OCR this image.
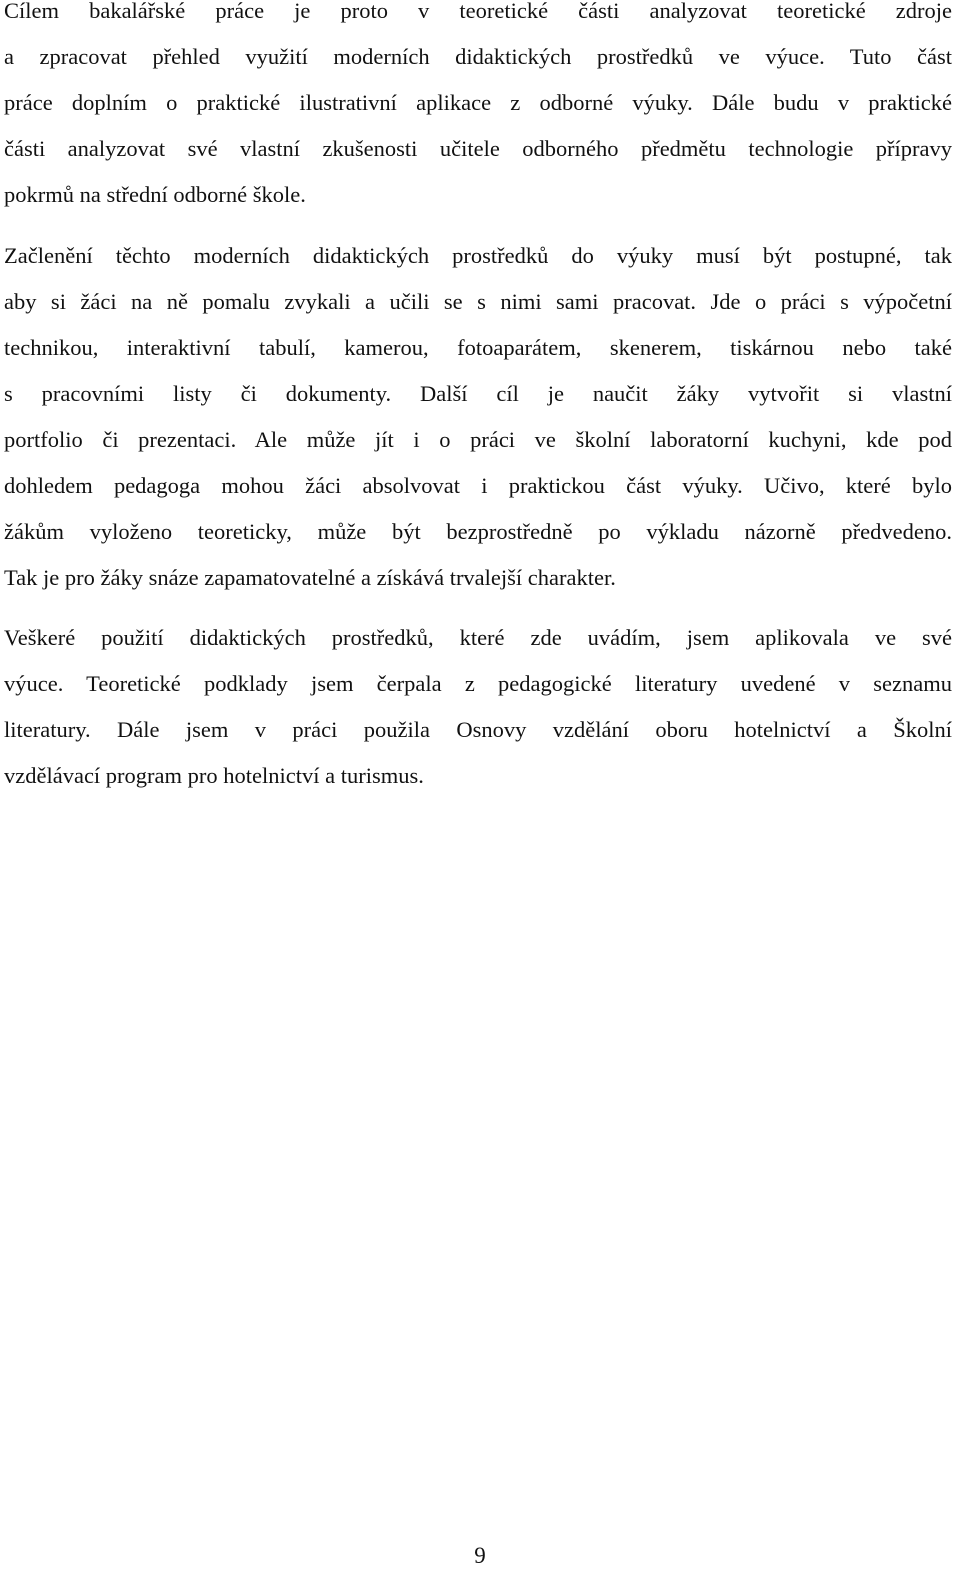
Cílem bakalářské práce je proto v teoretické části analyzovat teoretické zdroje
a zpracovat přehled využití moderních didaktických prostředků ve výuce. Tuto část
práce doplním o praktické ilustrativní aplikace z odborné výuky. Dále budu v praktické
části analyzovat své vlastní zkušenosti učitele odborného předmětu technologie přípravy
pokrmů na střední odborné škole.
Začlenění těchto moderních didaktických prostředků do výuky musí být postupné, tak
aby si žáci na ně pomalu zvykali a učili se s nimi sami pracovat. Jde o práci s výpočetní
technikou, interaktivní tabulí, kamerou, fotoaparátem, skenerem, tiskárnou nebo také
s pracovními listy či dokumenty. Další cíl je naučit žáky vytvořit si vlastní
portfolio či prezentaci. Ale může jít i o práci ve školní laboratorní kuchyni, kde pod
dohledem pedagoga mohou žáci absolvovat i praktickou část výuky. Učivo, které bylo
žákům vyloženo teoreticky, může být bezprostředně po výkladu názorně předvedeno.
Tak je pro žáky snáze zapamatovatelné a získává trvalejší charakter.
Veškeré použití didaktických prostředků, které zde uvádím, jsem aplikovala ve své
výuce. Teoretické podklady jsem čerpala z pedagogické literatury uvedené v seznamu
literatury. Dále jsem v práci použila Osnovy vzdělání oboru hotelnictví a Školní
vzdělávací program pro hotelnictví a turismus.
9
